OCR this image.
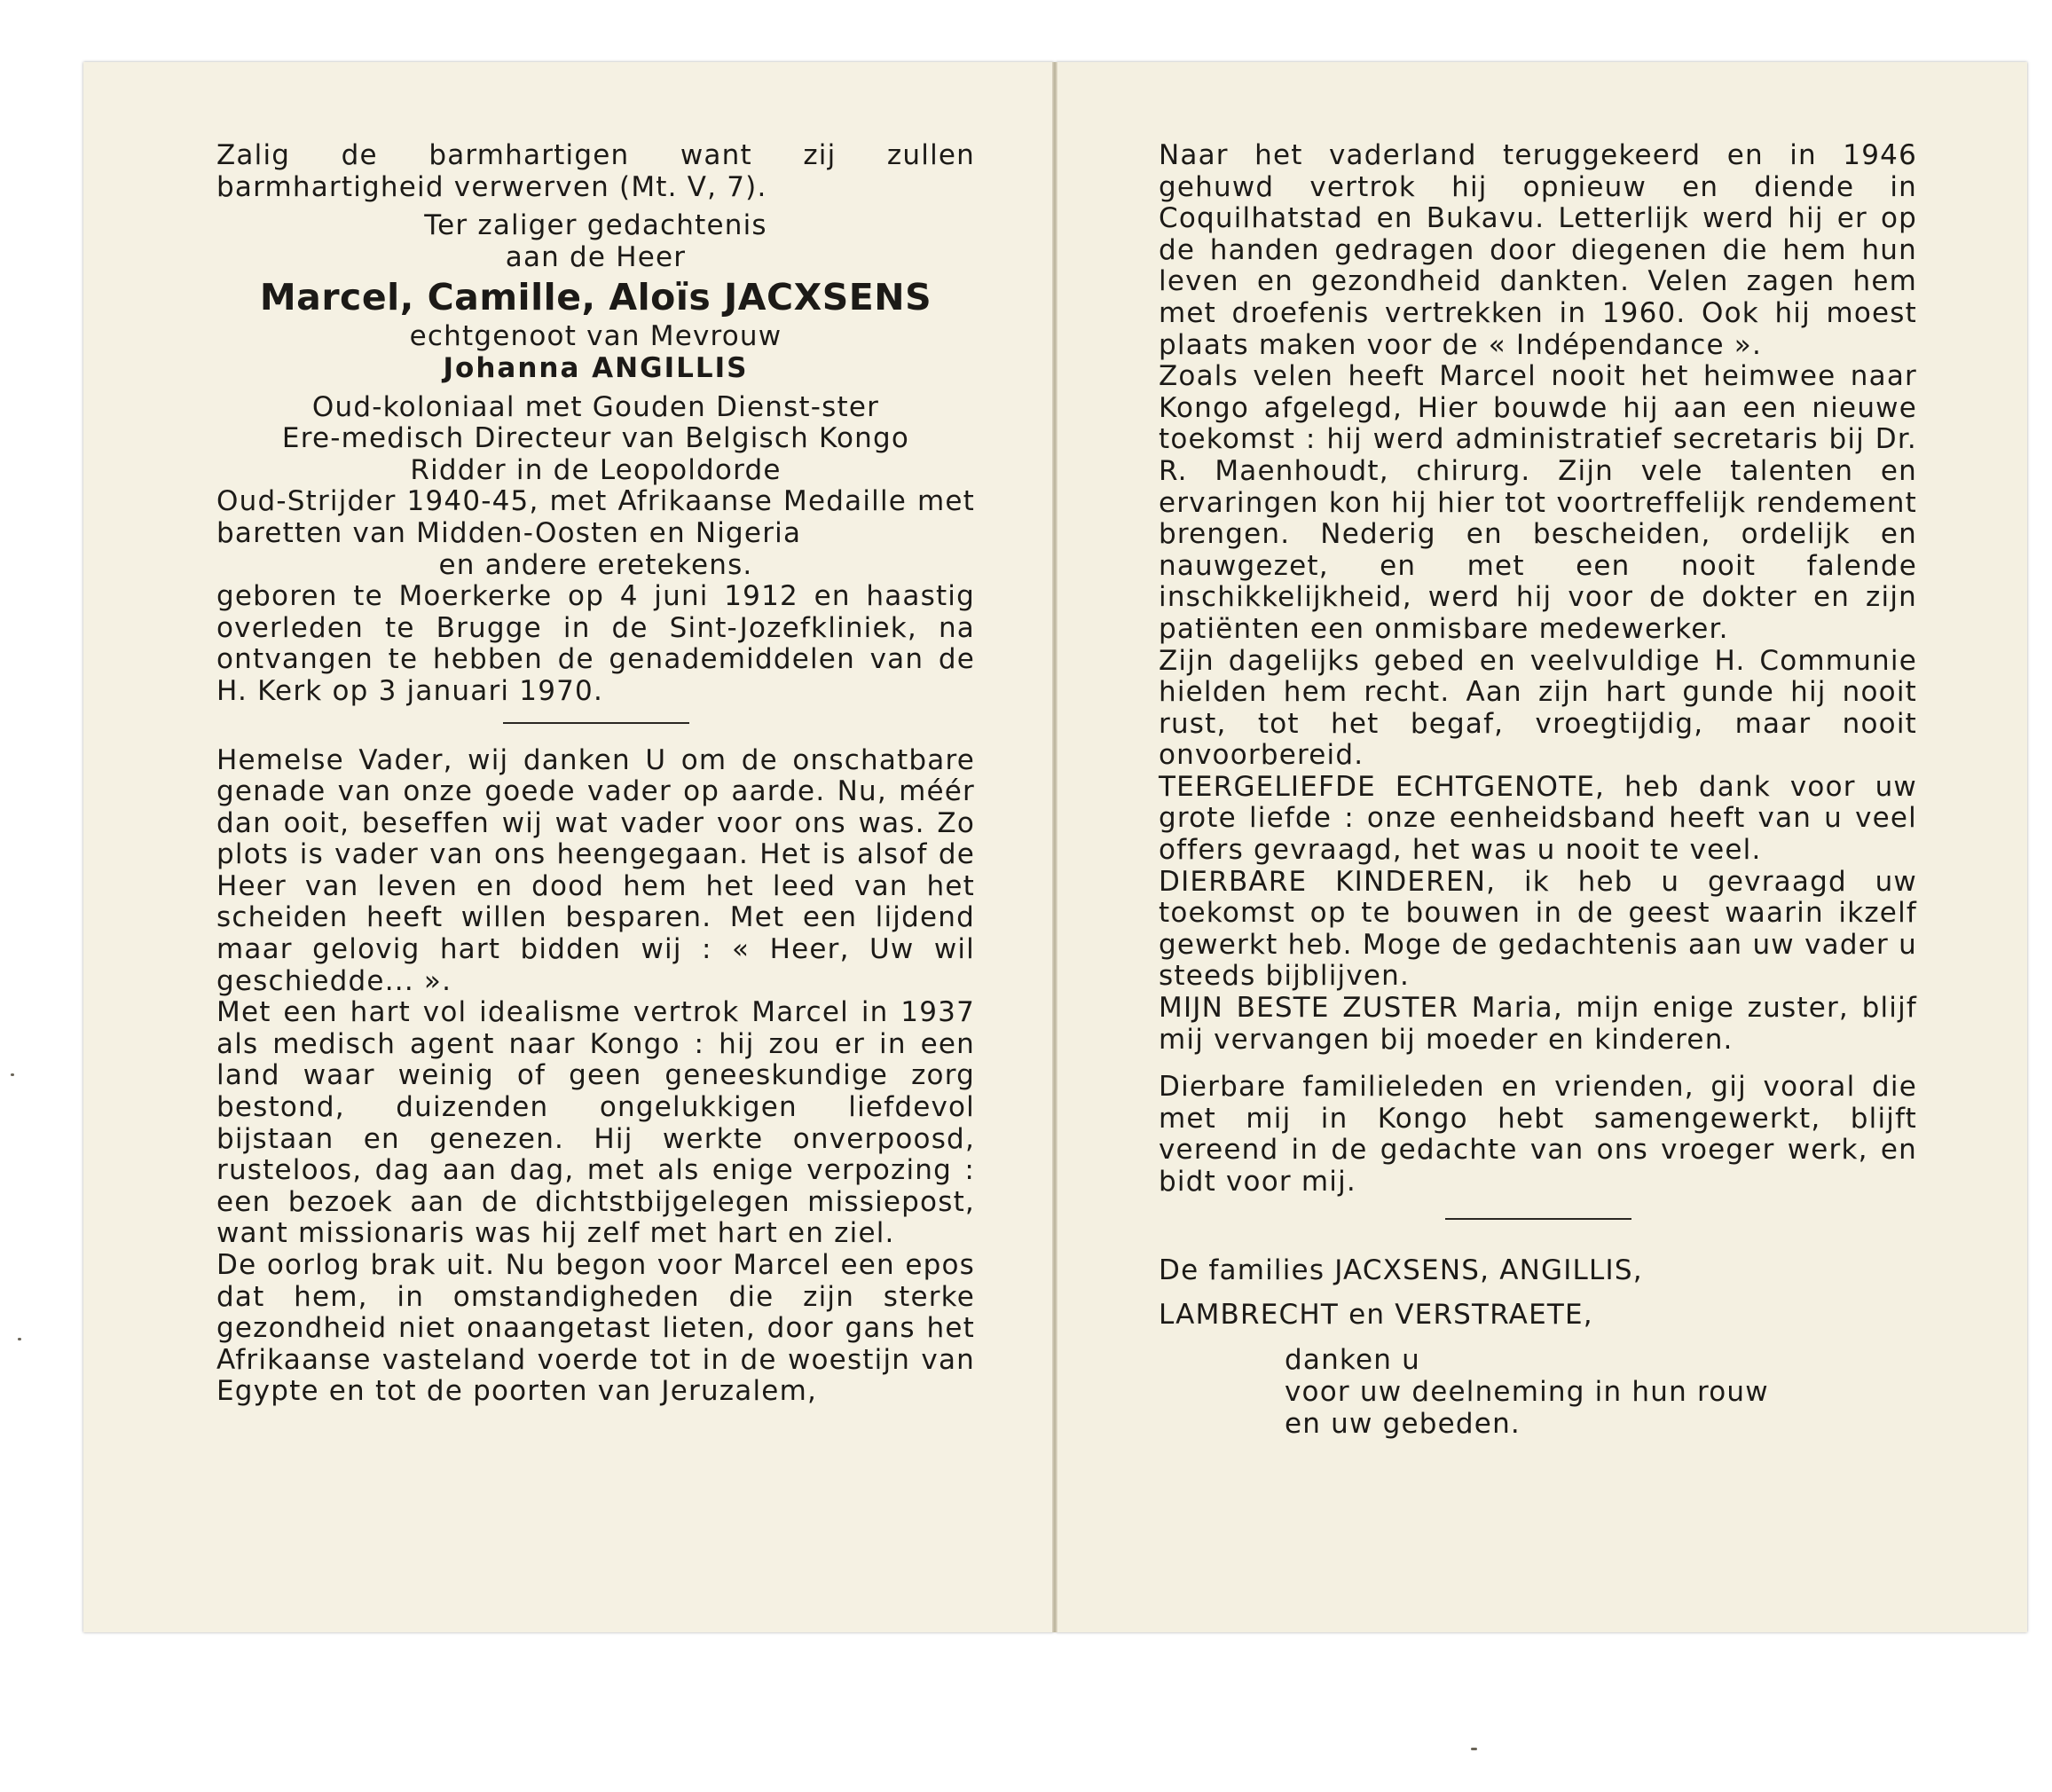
Zalig de barmhartigen want zij zullen barmhartigheid verwerven (Mt. V, 7).

Ter zaliger gedachtenis

aan de Heer

Marcel, Camille, Aloïs JACXSENS

echtgenoot van Mevrouw

Johanna ANGILLIS

Oud-koloniaal met Gouden Dienst-ster

Ere-medisch Directeur van Belgisch Kongo

Ridder in de Leopoldorde

Oud-Strijder 1940-45, met Afrikaanse Medaille met baretten van Midden-Oosten en Nigeria

en andere eretekens.

geboren te Moerkerke op 4 juni 1912 en haastig overleden te Brugge in de Sint-Jozefkliniek, na ontvangen te hebben de genademiddelen van de H. Kerk op 3 januari 1970.

Hemelse Vader, wij danken U om de onschatbare genade van onze goede vader op aarde. Nu, méér dan ooit, beseffen wij wat vader voor ons was. Zo plots is vader van ons heengegaan. Het is alsof de Heer van leven en dood hem het leed van het scheiden heeft willen besparen. Met een lijdend maar gelovig hart bidden wij : « Heer, Uw wil geschiedde... ».

Met een hart vol idealisme vertrok Marcel in 1937 als medisch agent naar Kongo : hij zou er in een land waar weinig of geen geneeskundige zorg bestond, duizenden ongelukkigen liefdevol bijstaan en genezen. Hij werkte onverpoosd, rusteloos, dag aan dag, met als enige verpozing : een bezoek aan de dichtstbijgelegen missiepost, want missionaris was hij zelf met hart en ziel.

De oorlog brak uit. Nu begon voor Marcel een epos dat hem, in omstandigheden die zijn sterke gezondheid niet onaangetast lieten, door gans het Afrikaanse vasteland voerde tot in de woestijn van Egypte en tot de poorten van Jeruzalem,

Naar het vaderland teruggekeerd en in 1946 gehuwd vertrok hij opnieuw en diende in Coquilhatstad en Bukavu. Letterlijk werd hij er op de handen gedragen door diegenen die hem hun leven en gezondheid dankten. Velen zagen hem met droefenis vertrekken in 1960. Ook hij moest plaats maken voor de « Indépendance ».

Zoals velen heeft Marcel nooit het heimwee naar Kongo afgelegd, Hier bouwde hij aan een nieuwe toekomst : hij werd administratief secretaris bij Dr. R. Maenhoudt, chirurg. Zijn vele talenten en ervaringen kon hij hier tot voortreffelijk rendement brengen. Nederig en bescheiden, ordelijk en nauwgezet, en met een nooit falende inschikkelijkheid, werd hij voor de dokter en zijn patiënten een onmisbare medewerker.

Zijn dagelijks gebed en veelvuldige H. Communie hielden hem recht. Aan zijn hart gunde hij nooit rust, tot het begaf, vroegtijdig, maar nooit onvoorbereid.

TEERGELIEFDE ECHTGENOTE, heb dank voor uw grote liefde : onze eenheidsband heeft van u veel offers gevraagd, het was u nooit te veel.

DIERBARE KINDEREN, ik heb u gevraagd uw toekomst op te bouwen in de geest waarin ikzelf gewerkt heb. Moge de gedachtenis aan uw vader u steeds bijblijven.

MIJN BESTE ZUSTER Maria, mijn enige zuster, blijf mij vervangen bij moeder en kinderen.

Dierbare familieleden en vrienden, gij vooral die met mij in Kongo hebt samengewerkt, blijft vereend in de gedachte van ons vroeger werk, en bidt voor mij.

De families JACXSENS, ANGILLIS,

LAMBRECHT en VERSTRAETE,

danken u

voor uw deelneming in hun rouw

en uw gebeden.
